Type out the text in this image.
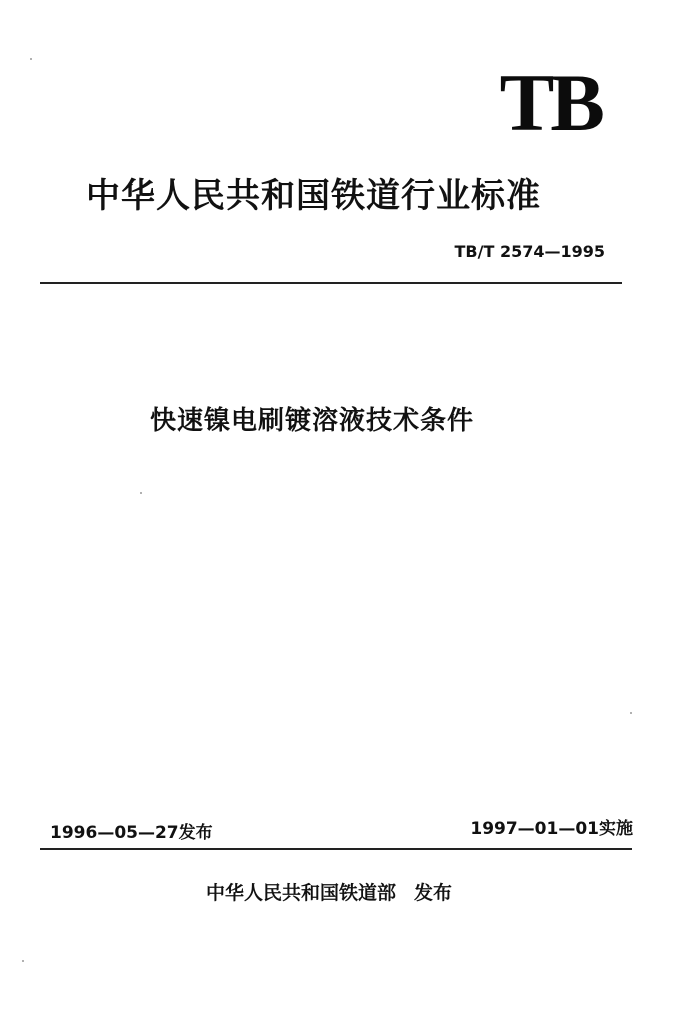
TB
中华人民共和国铁道行业标准
TB/T 2574—1995
快速镍电刷镀溶液技术条件
1996—05—27发布	1997—01—01实施
中华人民共和国铁道部 发布
